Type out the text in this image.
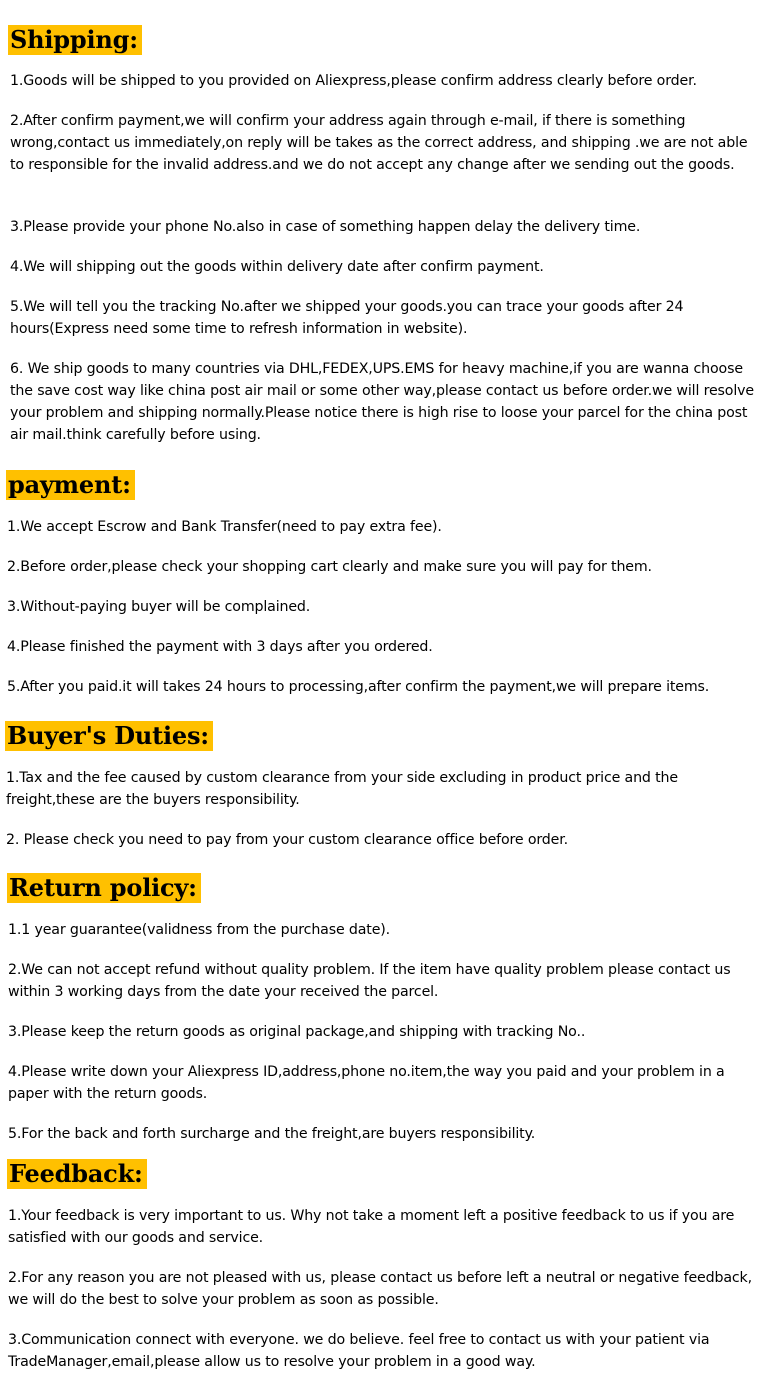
Shipping:

1.Goods will be shipped to you provided on Aliexpress,please confirm address clearly before order.

2.After confirm payment,we will confirm your address again through e-mail, if there is something wrong,contact us immediately,on reply will be takes as the correct address, and shipping .we are not able to responsible for the invalid address.and we do not accept any change after we sending out the goods.

3.Please provide your phone No.also in case of something happen delay the delivery time.

4.We will shipping out the goods within delivery date after confirm payment.

5.We will tell you the tracking No.after we shipped your goods.you can trace your goods after 24 hours(Express need some time to refresh information in website).

6. We ship goods to many countries via DHL,FEDEX,UPS.EMS for heavy machine,if you are wanna choose the save cost way like china post air mail or some other way,please contact us before order.we will resolve your problem and shipping normally.Please notice there is high rise to loose your parcel for the china post air mail.think carefully before using.

payment:

1.We accept Escrow and Bank Transfer(need to pay extra fee).

2.Before order,please check your shopping cart clearly and make sure you will pay for them.

3.Without-paying buyer will be complained.

4.Please finished the payment with 3 days after you ordered.

5.After you paid.it will takes 24 hours to processing,after confirm the payment,we will prepare items.

Buyer's Duties:

1.Tax and the fee caused by custom clearance from your side excluding in product price and the freight,these are the buyers responsibility.

2. Please check you need to pay from your custom clearance office before order.

Return policy:

1.1 year guarantee(validness from the purchase date).

2.We can not accept refund without quality problem. If the item have quality problem please contact us within 3 working days from the date your received the parcel.

3.Please keep the return goods as original package,and shipping with tracking No..

4.Please write down your Aliexpress ID,address,phone no.item,the way you paid and your problem in a paper with the return goods.

5.For the back and forth surcharge and the freight,are buyers responsibility.

Feedback:

1.Your feedback is very important to us. Why not take a moment left a positive feedback to us if you are satisfied with our goods and service.

2.For any reason you are not pleased with us, please contact us before left a neutral or negative feedback, we will do the best to solve your problem as soon as possible.

3.Communication connect with everyone. we do believe. feel free to contact us with your patient via TradeManager,email,please allow us to resolve your problem in a good way.
